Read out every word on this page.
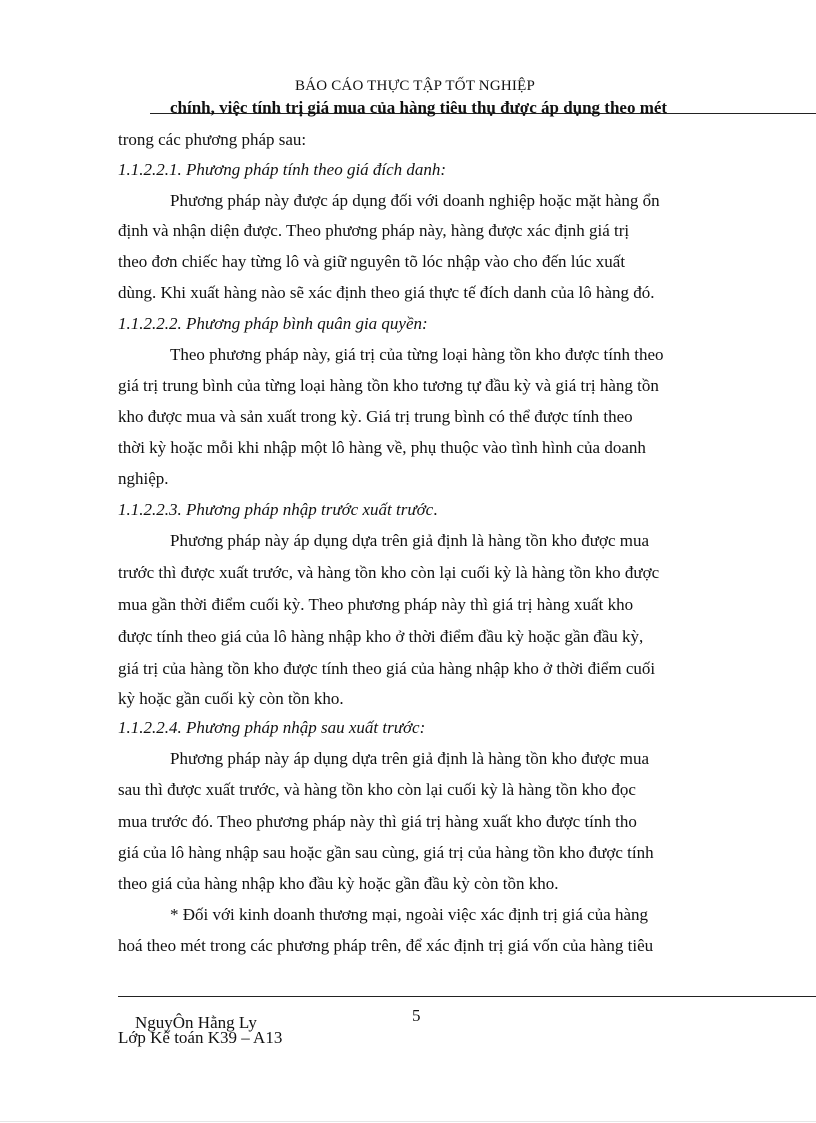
BÁO CÁO THỰC TẬP TỐT NGHIỆP
chính, việc tính trị giá mua của hàng tiêu thụ được áp dụng theo mét
trong các phương pháp sau:
1.1.2.2.1. Phương pháp tính theo giá đích danh:
Phương pháp này được áp dụng đối với doanh nghiệp hoặc mặt hàng ổn
định và nhận diện được. Theo phương pháp này, hàng được xác định giá trị
theo đơn chiếc hay từng lô và giữ nguyên tõ lóc nhập vào cho đến lúc xuất
dùng. Khi xuất hàng nào sẽ xác định theo giá thực tế đích danh của lô hàng đó.
1.1.2.2.2. Phương pháp bình quân gia quyền:
Theo phương pháp này, giá trị của từng loại hàng tồn kho được tính theo
giá trị trung bình của từng loại hàng tồn kho tương tự đầu kỳ và giá trị hàng tồn
kho được mua và sản xuất trong kỳ. Giá trị trung bình có thể được tính theo
thời kỳ hoặc mỗi khi nhập một lô hàng về, phụ thuộc vào tình hình của doanh
nghiệp.
1.1.2.2.3. Phương pháp nhập trước xuất trước.
Phương pháp này áp dụng dựa trên giả định là hàng tồn kho được mua
trước thì được xuất trước, và hàng tồn kho còn lại cuối kỳ là hàng tồn kho được
mua gần thời điểm cuối kỳ. Theo phương pháp này thì giá trị hàng xuất kho
được tính theo giá của lô hàng nhập kho ở thời điểm đầu kỳ hoặc gần đầu kỳ,
giá trị của hàng tồn kho được tính theo giá của hàng nhập kho ở thời điểm cuối
kỳ hoặc gần cuối kỳ còn tồn kho.
1.1.2.2.4. Phương pháp nhập sau xuất trước:
Phương pháp này áp dụng dựa trên giả định là hàng tồn kho được mua
sau thì được xuất trước, và hàng tồn kho còn lại cuối kỳ là hàng tồn kho đọc
mua trước đó. Theo phương pháp này thì giá trị hàng xuất kho được tính tho
giá của lô hàng nhập sau hoặc gần sau cùng, giá trị của hàng tồn kho được tính
theo giá của hàng nhập kho đầu kỳ hoặc gần đầu kỳ còn tồn kho.
* Đối với kinh doanh thương mại, ngoài việc xác định trị giá của hàng
hoá theo mét trong các phương pháp trên, để xác định trị giá vốn của hàng tiêu
NguyÔn Hằng Ly	5
Lớp Kế toán K39 – A13
